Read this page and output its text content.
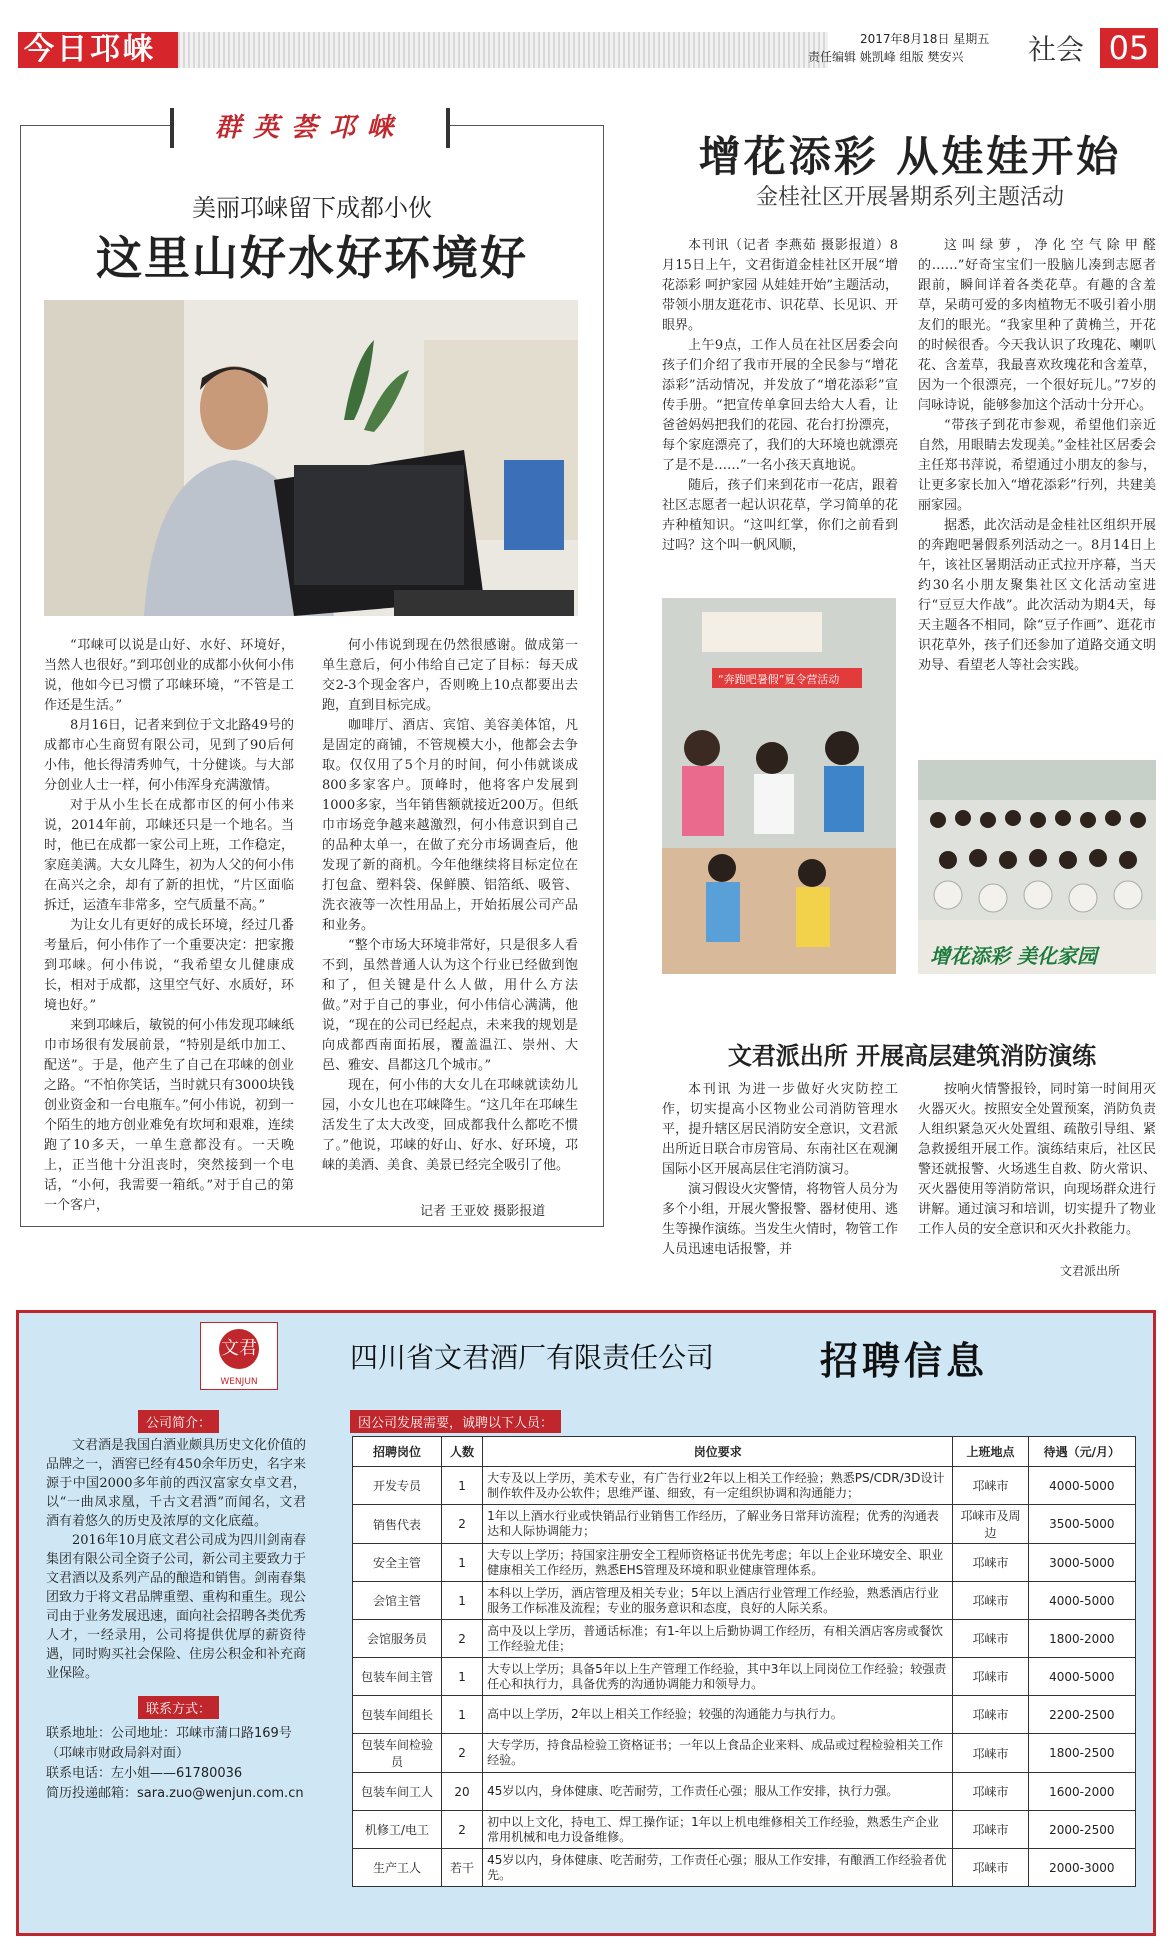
今日邛崃	2017年8月18日 星期五
责任编辑 姚凯峰 组版 樊安兴	社会 05
群英荟邛崃
美丽邛崃留下成都小伙
这里山好水好环境好

“邛崃可以说是山好、水好、环境好，当然人也很好。”到邛创业的成都小伙何小伟说，他如今已习惯了邛崃环境，“不管是工作还是生活。”

8月16日，记者来到位于文北路49号的成都市心生商贸有限公司，见到了90后何小伟，他长得清秀帅气，十分健谈。与大部分创业人士一样，何小伟浑身充满激情。

对于从小生长在成都市区的何小伟来说，2014年前，邛崃还只是一个地名。当时，他已在成都一家公司上班，工作稳定，家庭美满。大女儿降生，初为人父的何小伟在高兴之余，却有了新的担忧，“片区面临拆迁，运渣车非常多，空气质量不高。”

为让女儿有更好的成长环境，经过几番考量后，何小伟作了一个重要决定：把家搬到邛崃。何小伟说，“我希望女儿健康成长，相对于成都，这里空气好、水质好，环境也好。”

来到邛崃后，敏锐的何小伟发现邛崃纸巾市场很有发展前景，“特别是纸巾加工、配送”。于是，他产生了自己在邛崃的创业之路。“不怕你笑话，当时就只有3000块钱创业资金和一台电瓶车。”何小伟说，初到一个陌生的地方创业难免有坎坷和艰难，连续跑了10多天，一单生意都没有。一天晚上，正当他十分沮丧时，突然接到一个电话，“小何，我需要一箱纸。”对于自己的第一个客户，

何小伟说到现在仍然很感谢。做成第一单生意后，何小伟给自己定了目标：每天成交2-3个现金客户，否则晚上10点都要出去跑，直到目标完成。

咖啡厅、酒店、宾馆、美容美体馆，凡是固定的商铺，不管规模大小，他都会去争取。仅仅用了5个月的时间，何小伟就谈成800多家客户。顶峰时，他将客户发展到1000多家，当年销售额就接近200万。但纸巾市场竞争越来越激烈，何小伟意识到自己的品种太单一，在做了充分市场调查后，他发现了新的商机。今年他继续将目标定位在打包盒、塑料袋、保鲜膜、铝箔纸、吸管、洗衣液等一次性用品上，开始拓展公司产品和业务。

“整个市场大环境非常好，只是很多人看不到，虽然普通人认为这个行业已经做到饱和了，但关键是什么人做，用什么方法做。”对于自己的事业，何小伟信心满满，他说，“现在的公司已经起点，未来我的规划是向成都西南面拓展，覆盖温江、崇州、大邑、雅安、昌都这几个城市。”

现在，何小伟的大女儿在邛崃就读幼儿园，小女儿也在邛崃降生。“这几年在邛崃生活发生了太大改变，回成都我什么都吃不惯了。”他说，邛崃的好山、好水、好环境，邛崃的美酒、美食、美景已经完全吸引了他。

记者 王亚姣 摄影报道
增花添彩 从娃娃开始
金桂社区开展暑期系列主题活动

本刊讯（记者 李燕茹 摄影报道）8月15日上午，文君街道金桂社区开展“增花添彩 呵护家园 从娃娃开始”主题活动，带领小朋友逛花市、识花草、长见识、开眼界。

上午9点，工作人员在社区居委会向孩子们介绍了我市开展的全民参与“增花添彩”活动情况，并发放了“增花添彩”宣传手册。“把宣传单拿回去给大人看，让爸爸妈妈把我们的花园、花台打扮漂亮，每个家庭漂亮了，我们的大环境也就漂亮了是不是……”一名小孩天真地说。

随后，孩子们来到花市一花店，跟着社区志愿者一起认识花草，学习简单的花卉种植知识。“这叫红掌，你们之前看到过吗？这个叫一帆风顺，

这叫绿萝，净化空气除甲醛的……”好奇宝宝们一股脑儿凑到志愿者跟前，瞬间详着各类花草。有趣的含羞草，呆萌可爱的多肉植物无不吸引着小朋友们的眼光。“我家里种了黄桷兰，开花的时候很香。今天我认识了玫瑰花、喇叭花、含羞草，我最喜欢玫瑰花和含羞草，因为一个很漂亮，一个很好玩儿。”7岁的闫咏诗说，能够参加这个活动十分开心。

“带孩子到花市参观，希望他们亲近自然，用眼睛去发现美。”金桂社区居委会主任郑书萍说，希望通过小朋友的参与，让更多家长加入“增花添彩”行列，共建美丽家园。

据悉，此次活动是金桂社区组织开展的奔跑吧暑假系列活动之一。8月14日上午，该社区暑期活动正式拉开序幕，当天约30名小朋友聚集社区文化活动室进行“豆豆大作战”。此次活动为期4天，每天主题各不相同，除“豆子作画”、逛花市识花草外，孩子们还参加了道路交通文明劝导、看望老人等社会实践。

“奔跑吧暑假”夏令营活动
增花添彩 美化家园
文君派出所 开展高层建筑消防演练

本刊讯 为进一步做好火灾防控工作，切实提高小区物业公司消防管理水平，提升辖区居民消防安全意识，文君派出所近日联合市房管局、东南社区在观澜国际小区开展高层住宅消防演习。

演习假设火灾警情，将物管人员分为多个小组，开展火警报警、器材使用、逃生等操作演练。当发生火情时，物管工作人员迅速电话报警，并

按响火情警报铃，同时第一时间用灭火器灭火。按照安全处置预案，消防负责人组织紧急灭火处置组、疏散引导组、紧急救援组开展工作。演练结束后，社区民警还就报警、火场逃生自救、防火常识、灭火器使用等消防常识，向现场群众进行讲解。通过演习和培训，切实提升了物业工作人员的安全意识和灭火扑救能力。

文君派出所
文君
WENJUN
四川省文君酒厂有限责任公司	招聘信息
公司简介：

文君酒是我国白酒业颇具历史文化价值的品牌之一，酒窖已经有450余年历史，名字来源于中国2000多年前的西汉富家女卓文君，以“一曲凤求凰，千古文君酒”而闻名，文君酒有着悠久的历史及浓厚的文化底蕴。

2016年10月底文君公司成为四川剑南春集团有限公司全资子公司，新公司主要致力于文君酒以及系列产品的酿造和销售。剑南春集团致力于将文君品牌重塑、重构和重生。现公司由于业务发展迅速，面向社会招聘各类优秀人才，一经录用，公司将提供优厚的薪资待遇，同时购买社会保险、住房公积金和补充商业保险。

联系方式：

联系地址：公司地址：邛崃市蒲口路169号（邛崃市财政局斜对面）

联系电话：左小姐——61780036

简历投递邮箱：sara.zuo@wenjun.com.cn

因公司发展需要，诚聘以下人员：
招聘岗位	人数	岗位要求	上班地点	待遇（元/月）
开发专员	1	大专及以上学历，美术专业，有广告行业2年以上相关工作经验；熟悉PS/CDR/3D设计制作软件及办公软件；思维严谨、细致，有一定组织协调和沟通能力；	邛崃市	4000-5000
销售代表	2	1年以上酒水行业或快销品行业销售工作经历，了解业务日常拜访流程；优秀的沟通表达和人际协调能力；	邛崃市及周边	3500-5000
安全主管	1	大专以上学历；持国家注册安全工程师资格证书优先考虑；年以上企业环境安全、职业健康相关工作经历，熟悉EHS管理及环境和职业健康管理体系。	邛崃市	3000-5000
会馆主管	1	本科以上学历，酒店管理及相关专业；5年以上酒店行业管理工作经验，熟悉酒店行业服务工作标准及流程；专业的服务意识和态度，良好的人际关系。	邛崃市	4000-5000
会馆服务员	2	高中及以上学历，普通话标准；有1-年以上后勤协调工作经历，有相关酒店客房或餐饮工作经验尤佳；	邛崃市	1800-2000
包装车间主管	1	大专以上学历；具备5年以上生产管理工作经验，其中3年以上同岗位工作经验；较强责任心和执行力，具备优秀的沟通协调能力和领导力。	邛崃市	4000-5000
包装车间组长	1	高中以上学历，2年以上相关工作经验；较强的沟通能力与执行力。	邛崃市	2200-2500
包装车间检验员	2	大专学历，持食品检验工资格证书；一年以上食品企业来料、成品或过程检验相关工作经验。	邛崃市	1800-2500
包装车间工人	20	45岁以内，身体健康、吃苦耐劳，工作责任心强；服从工作安排，执行力强。	邛崃市	1600-2000
机修工/电工	2	初中以上文化，持电工、焊工操作证；1年以上机电维修相关工作经验，熟悉生产企业常用机械和电力设备维修。	邛崃市	2000-2500
生产工人	若干	45岁以内，身体健康、吃苦耐劳，工作责任心强；服从工作安排，有酿酒工作经验者优先。	邛崃市	2000-3000
